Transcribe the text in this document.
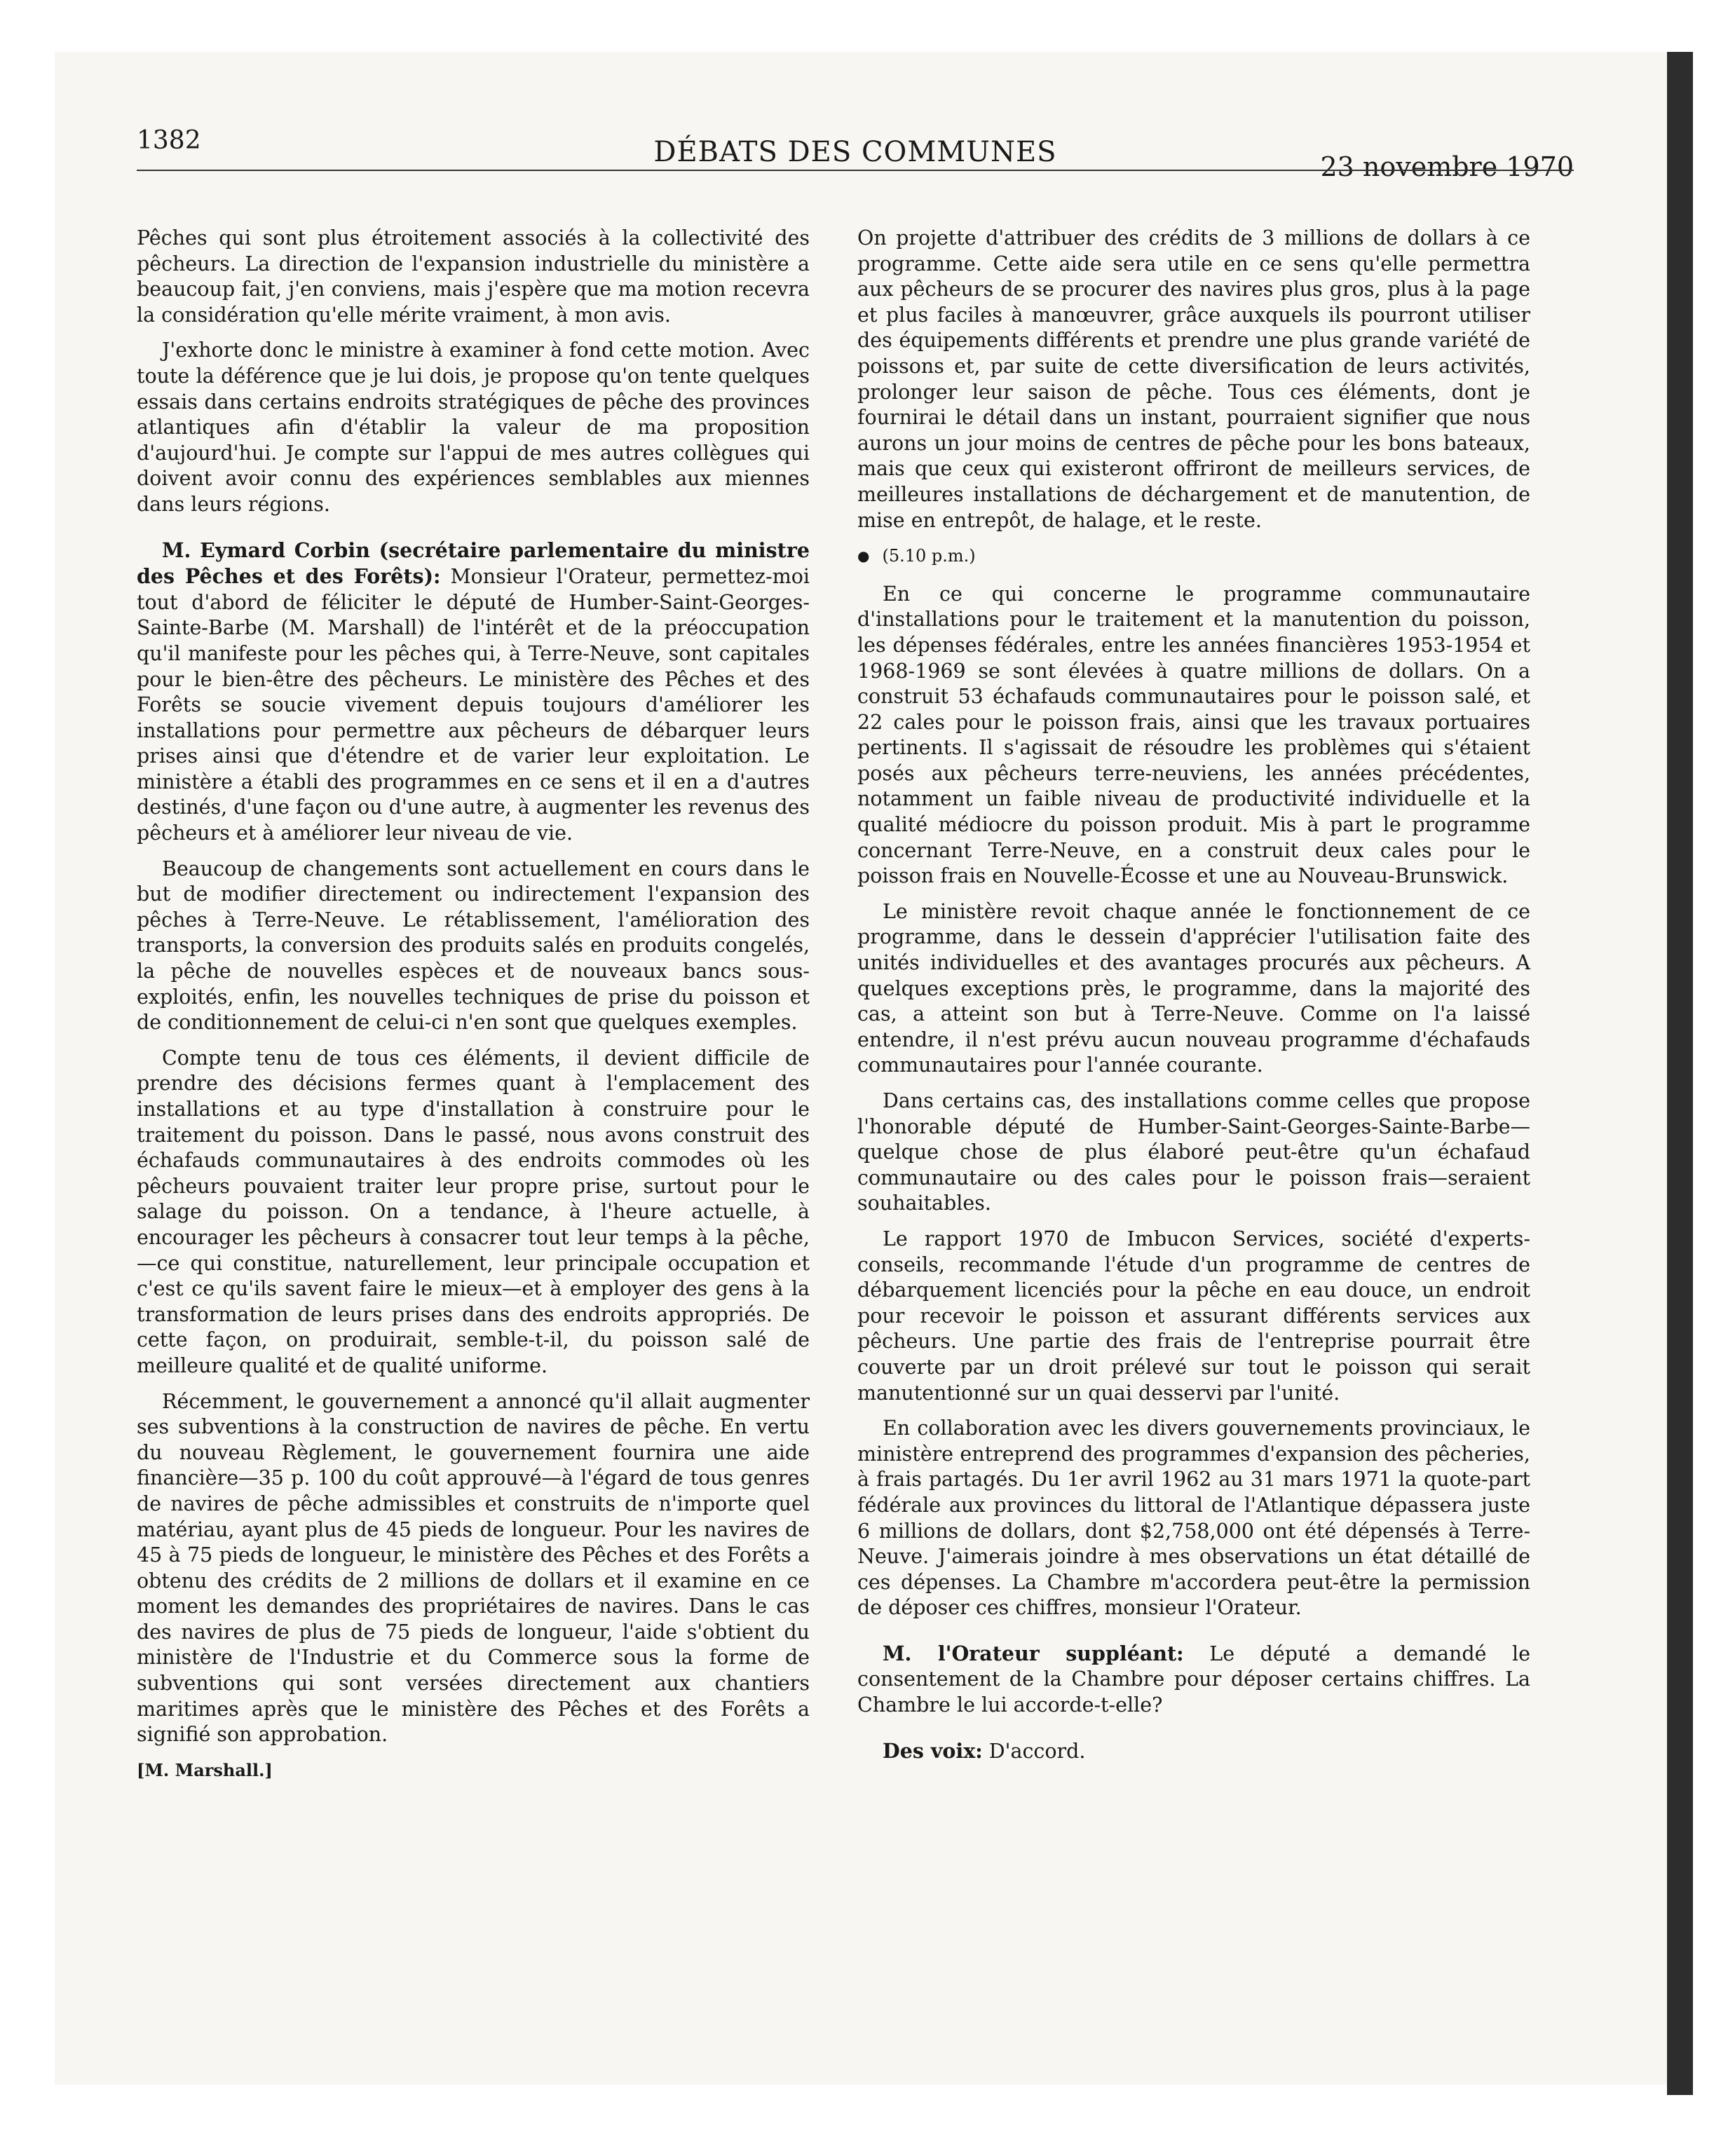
1382	DÉBATS DES COMMUNES	23 novembre 1970

Pêches qui sont plus étroitement associés à la collectivité des pêcheurs. La direction de l'expansion industrielle du ministère a beaucoup fait, j'en conviens, mais j'espère que ma motion recevra la considération qu'elle mérite vraiment, à mon avis.

J'exhorte donc le ministre à examiner à fond cette motion. Avec toute la déférence que je lui dois, je propose qu'on tente quelques essais dans certains endroits stratégiques de pêche des provinces atlantiques afin d'établir la valeur de ma proposition d'aujourd'hui. Je compte sur l'appui de mes autres collègues qui doivent avoir connu des expériences semblables aux miennes dans leurs régions.

M. Eymard Corbin (secrétaire parlementaire du ministre des Pêches et des Forêts): Monsieur l'Orateur, permettez-moi tout d'abord de féliciter le député de Humber-Saint-Georges-Sainte-Barbe (M. Marshall) de l'intérêt et de la préoccupation qu'il manifeste pour les pêches qui, à Terre-Neuve, sont capitales pour le bien-être des pêcheurs. Le ministère des Pêches et des Forêts se soucie vivement depuis toujours d'améliorer les installations pour permettre aux pêcheurs de débarquer leurs prises ainsi que d'étendre et de varier leur exploitation. Le ministère a établi des programmes en ce sens et il en a d'autres destinés, d'une façon ou d'une autre, à augmenter les revenus des pêcheurs et à améliorer leur niveau de vie.

Beaucoup de changements sont actuellement en cours dans le but de modifier directement ou indirectement l'expansion des pêches à Terre-Neuve. Le rétablissement, l'amélioration des transports, la conversion des produits salés en produits congelés, la pêche de nouvelles espèces et de nouveaux bancs sous-exploités, enfin, les nouvelles techniques de prise du poisson et de conditionnement de celui-ci n'en sont que quelques exemples.

Compte tenu de tous ces éléments, il devient difficile de prendre des décisions fermes quant à l'emplacement des installations et au type d'installation à construire pour le traitement du poisson. Dans le passé, nous avons construit des échafauds communautaires à des endroits commodes où les pêcheurs pouvaient traiter leur propre prise, surtout pour le salage du poisson. On a tendance, à l'heure actuelle, à encourager les pêcheurs à consacrer tout leur temps à la pêche,—ce qui constitue, naturellement, leur principale occupation et c'est ce qu'ils savent faire le mieux—et à employer des gens à la transformation de leurs prises dans des endroits appropriés. De cette façon, on produirait, semble-t-il, du poisson salé de meilleure qualité et de qualité uniforme.

Récemment, le gouvernement a annoncé qu'il allait augmenter ses subventions à la construction de navires de pêche. En vertu du nouveau Règlement, le gouvernement fournira une aide financière—35 p. 100 du coût approuvé—à l'égard de tous genres de navires de pêche admissibles et construits de n'importe quel matériau, ayant plus de 45 pieds de longueur. Pour les navires de 45 à 75 pieds de longueur, le ministère des Pêches et des Forêts a obtenu des crédits de 2 millions de dollars et il examine en ce moment les demandes des propriétaires de navires. Dans le cas des navires de plus de 75 pieds de longueur, l'aide s'obtient du ministère de l'Industrie et du Commerce sous la forme de subventions qui sont versées directement aux chantiers maritimes après que le ministère des Pêches et des Forêts a signifié son approbation.

[M. Marshall.]

On projette d'attribuer des crédits de 3 millions de dollars à ce programme. Cette aide sera utile en ce sens qu'elle permettra aux pêcheurs de se procurer des navires plus gros, plus à la page et plus faciles à manœuvrer, grâce auxquels ils pourront utiliser des équipements différents et prendre une plus grande variété de poissons et, par suite de cette diversification de leurs activités, prolonger leur saison de pêche. Tous ces éléments, dont je fournirai le détail dans un instant, pourraient signifier que nous aurons un jour moins de centres de pêche pour les bons bateaux, mais que ceux qui existeront offriront de meilleurs services, de meilleures installations de déchargement et de manutention, de mise en entrepôt, de halage, et le reste.

● (5.10 p.m.)

En ce qui concerne le programme communautaire d'installations pour le traitement et la manutention du poisson, les dépenses fédérales, entre les années financières 1953-1954 et 1968-1969 se sont élevées à quatre millions de dollars. On a construit 53 échafauds communautaires pour le poisson salé, et 22 cales pour le poisson frais, ainsi que les travaux portuaires pertinents. Il s'agissait de résoudre les problèmes qui s'étaient posés aux pêcheurs terre-neuviens, les années précédentes, notamment un faible niveau de productivité individuelle et la qualité médiocre du poisson produit. Mis à part le programme concernant Terre-Neuve, en a construit deux cales pour le poisson frais en Nouvelle-Écosse et une au Nouveau-Brunswick.

Le ministère revoit chaque année le fonctionnement de ce programme, dans le dessein d'apprécier l'utilisation faite des unités individuelles et des avantages procurés aux pêcheurs. A quelques exceptions près, le programme, dans la majorité des cas, a atteint son but à Terre-Neuve. Comme on l'a laissé entendre, il n'est prévu aucun nouveau programme d'échafauds communautaires pour l'année courante.

Dans certains cas, des installations comme celles que propose l'honorable député de Humber-Saint-Georges-Sainte-Barbe—quelque chose de plus élaboré peut-être qu'un échafaud communautaire ou des cales pour le poisson frais—seraient souhaitables.

Le rapport 1970 de Imbucon Services, société d'experts-conseils, recommande l'étude d'un programme de centres de débarquement licenciés pour la pêche en eau douce, un endroit pour recevoir le poisson et assurant différents services aux pêcheurs. Une partie des frais de l'entreprise pourrait être couverte par un droit prélevé sur tout le poisson qui serait manutentionné sur un quai desservi par l'unité.

En collaboration avec les divers gouvernements provinciaux, le ministère entreprend des programmes d'expansion des pêcheries, à frais partagés. Du 1er avril 1962 au 31 mars 1971 la quote-part fédérale aux provinces du littoral de l'Atlantique dépassera juste 6 millions de dollars, dont $2,758,000 ont été dépensés à Terre-Neuve. J'aimerais joindre à mes observations un état détaillé de ces dépenses. La Chambre m'accordera peut-être la permission de déposer ces chiffres, monsieur l'Orateur.

M. l'Orateur suppléant: Le député a demandé le consentement de la Chambre pour déposer certains chiffres. La Chambre le lui accorde-t-elle?

Des voix: D'accord.
